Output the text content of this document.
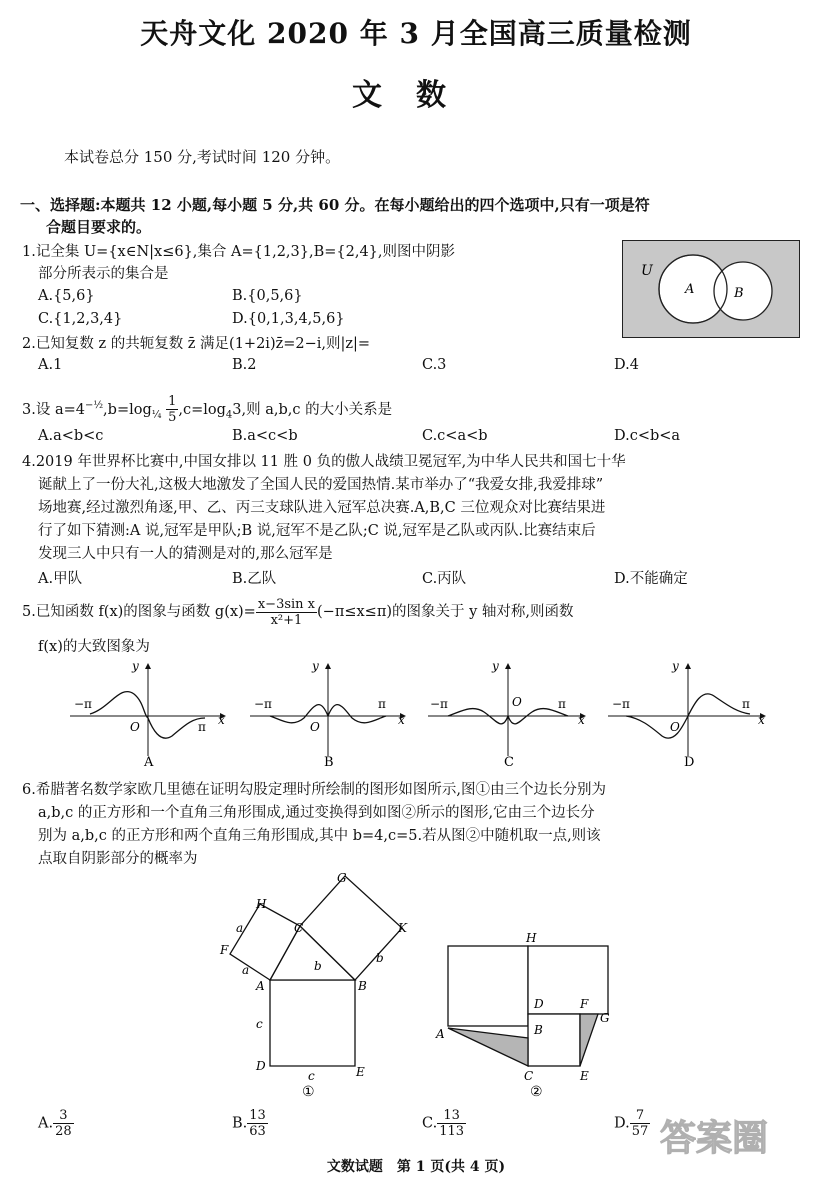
天舟文化 2020 年 3 月全国高三质量检测
文数
本试卷总分 150 分,考试时间 120 分钟。
一、选择题:本题共 12 小题,每小题 5 分,共 60 分。在每小题给出的四个选项中,只有一项是符
合题目要求的。
1.记全集 U={x∈N|x≤6},集合 A={1,2,3},B={2,4},则图中阴影
部分所表示的集合是
A.{5,6}	B.{0,5,6}
C.{1,2,3,4}	D.{0,1,3,4,5,6}
U
A	B
2.已知复数 z 的共轭复数 z̄ 满足(1+2i)z̄=2−i,则|z|=
A.1	B.2	C.3	D.4
3.设 $a=4^{-\frac{1}{2}},b=\log_{\frac{1}{4}} \frac{1}{5} ,c=\log_43$,则 a,b,c 的大小关系是
A.a<b<c	B.a<c<b	C.c<a<b	D.c<b<a
4.2019 年世界杯比赛中,中国女排以 11 胜 0 负的傲人战绩卫冕冠军,为中华人民共和国七十华
诞献上了一份大礼,这极大地激发了全国人民的爱国热情.某市举办了“我爱女排,我爱排球”
场地赛,经过激烈角逐,甲、乙、丙三支球队进入冠军总决赛.A,B,C 三位观众对比赛结果进
行了如下猜测:A 说,冠军是甲队;B 说,冠军不是乙队;C 说,冠军是乙队或丙队.比赛结束后
发现三人中只有一人的猜测是对的,那么冠军是
A.甲队	B.乙队	C.丙队	D.不能确定
5.已知函数 f(x)的图象与函数 $g(x)= \frac{\text{x−3sin x}}{\text{x²+1}} (-\pi\le x\le\pi)$的图象关于 y 轴对称,则函数
f(x)的大致图象为
−π
π
O	x
y
A
−π	π
O	x
y
B
−π	π
O
x
y
C
−π	π
O	x
y
D
6.希腊著名数学家欧几里德在证明勾股定理时所绘制的图形如图所示,图①由三个边长分别为
a,b,c 的正方形和一个直角三角形围成,通过变换得到如图②所示的图形,它由三个边长分
别为 a,b,c 的正方形和两个直角三角形围成,其中 b=4,c=5.若从图②中随机取一点,则该
点取自阴影部分的概率为
G
H
C	K
F
A	B
D	E
a
a	b
b
c
c
①
H
D	F
A	B
G
C	E
②
A. $\frac{3}{28}$	B. $\frac{13}{63}$	C. $\frac{13}{113}$	D. $\frac{7}{57}$ 答案圈
文数试题　第 1 页(共 4 页)
